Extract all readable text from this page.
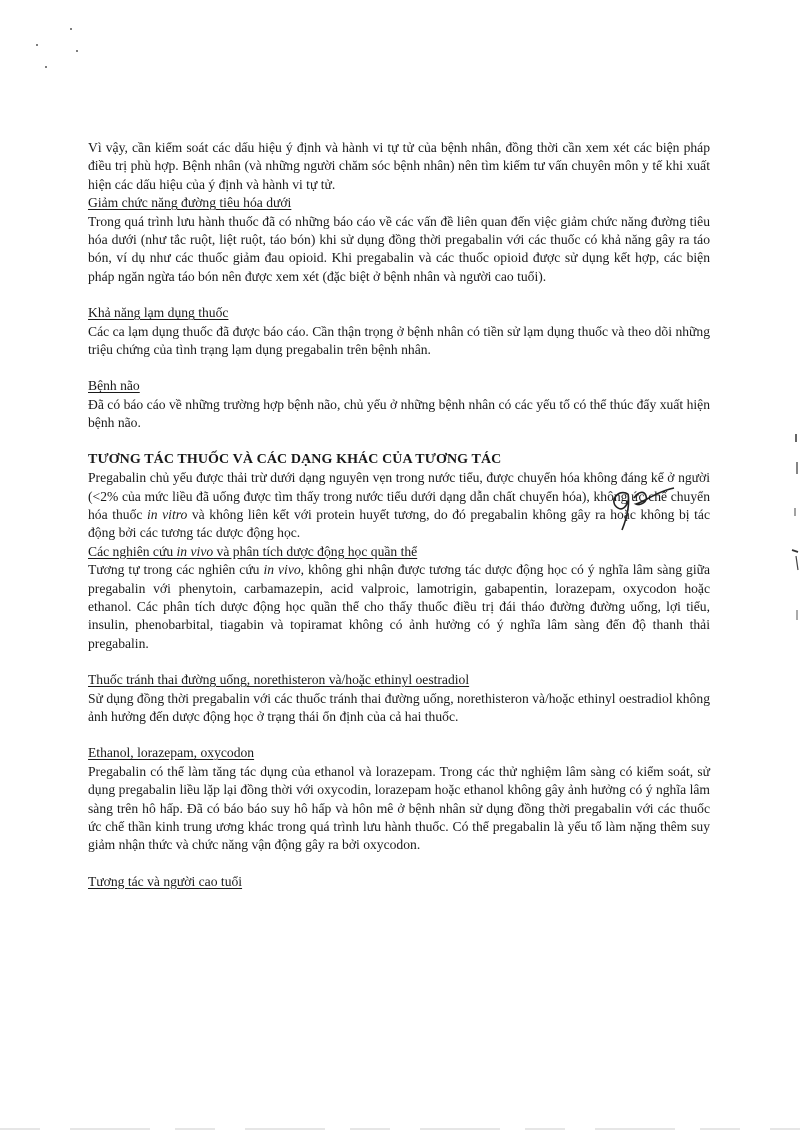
Vì vậy, cần kiểm soát các dấu hiệu ý định và hành vi tự tử của bệnh nhân, đồng thời cần xem xét các biện pháp điều trị phù hợp. Bệnh nhân (và những người chăm sóc bệnh nhân) nên tìm kiếm tư vấn chuyên môn y tế khi xuất hiện các dấu hiệu của ý định và hành vi tự tử.

Giảm chức năng đường tiêu hóa dưới

Trong quá trình lưu hành thuốc đã có những báo cáo về các vấn đề liên quan đến việc giảm chức năng đường tiêu hóa dưới (như tắc ruột, liệt ruột, táo bón) khi sử dụng đồng thời pregabalin với các thuốc có khả năng gây ra táo bón, ví dụ như các thuốc giảm đau opioid. Khi pregabalin và các thuốc opioid được sử dụng kết hợp, các biện pháp ngăn ngừa táo bón nên được xem xét (đặc biệt ở bệnh nhân và người cao tuổi).

Khả năng lạm dụng thuốc

Các ca lạm dụng thuốc đã được báo cáo. Cần thận trọng ở bệnh nhân có tiền sử lạm dụng thuốc và theo dõi những triệu chứng của tình trạng lạm dụng pregabalin trên bệnh nhân.

Bệnh não

Đã có báo cáo về những trường hợp bệnh não, chủ yếu ở những bệnh nhân có các yếu tố có thể thúc đẩy xuất hiện bệnh não.

TƯƠNG TÁC THUỐC VÀ CÁC DẠNG KHÁC CỦA TƯƠNG TÁC

Pregabalin chủ yếu được thải trừ dưới dạng nguyên vẹn trong nước tiểu, được chuyển hóa không đáng kể ở người (<2% của mức liều đã uống được tìm thấy trong nước tiểu dưới dạng dẫn chất chuyển hóa), không ức chế chuyển hóa thuốc in vitro và không liên kết với protein huyết tương, do đó pregabalin không gây ra hoặc không bị tác động bởi các tương tác dược động học.

Các nghiên cứu in vivo và phân tích dược động học quần thể

Tương tự trong các nghiên cứu in vivo, không ghi nhận được tương tác dược động học có ý nghĩa lâm sàng giữa pregabalin với phenytoin, carbamazepin, acid valproic, lamotrigin, gabapentin, lorazepam, oxycodon hoặc ethanol. Các phân tích dược động học quần thể cho thấy thuốc điều trị đái tháo đường đường uống, lợi tiểu, insulin, phenobarbital, tiagabin và topiramat không có ảnh hưởng có ý nghĩa lâm sàng đến độ thanh thải pregabalin.

Thuốc tránh thai đường uống, norethisteron và/hoặc ethinyl oestradiol

Sử dụng đồng thời pregabalin với các thuốc tránh thai đường uống, norethisteron và/hoặc ethinyl oestradiol không ảnh hưởng đến dược động học ở trạng thái ổn định của cả hai thuốc.

Ethanol, lorazepam, oxycodon

Pregabalin có thể làm tăng tác dụng của ethanol và lorazepam. Trong các thử nghiệm lâm sàng có kiểm soát, sử dụng pregabalin liều lặp lại đồng thời với oxycodin, lorazepam hoặc ethanol không gây ảnh hưởng có ý nghĩa lâm sàng trên hô hấp. Đã có báo báo suy hô hấp và hôn mê ở bệnh nhân sử dụng đồng thời pregabalin với các thuốc ức chế thần kinh trung ương khác trong quá trình lưu hành thuốc. Có thể pregabalin là yếu tố làm nặng thêm suy giảm nhận thức và chức năng vận động gây ra bởi oxycodon.

Tương tác và người cao tuổi
